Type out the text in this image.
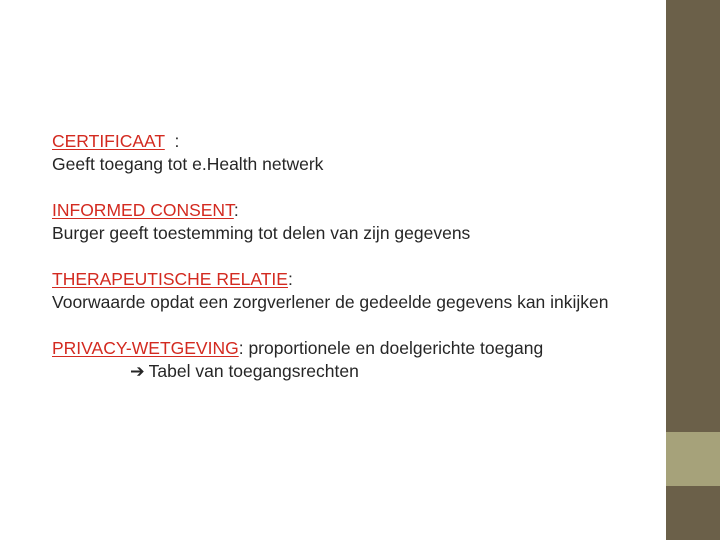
CERTIFICAAT  :
Geeft toegang tot e.Health netwerk
INFORMED CONSENT:
Burger geeft toestemming tot delen van zijn gegevens
THERAPEUTISCHE RELATIE:
Voorwaarde opdat een zorgverlener de gedeelde gegevens kan inkijken
PRIVACY-WETGEVING: proportionele en doelgerichte toegang
➔ Tabel van toegangsrechten
